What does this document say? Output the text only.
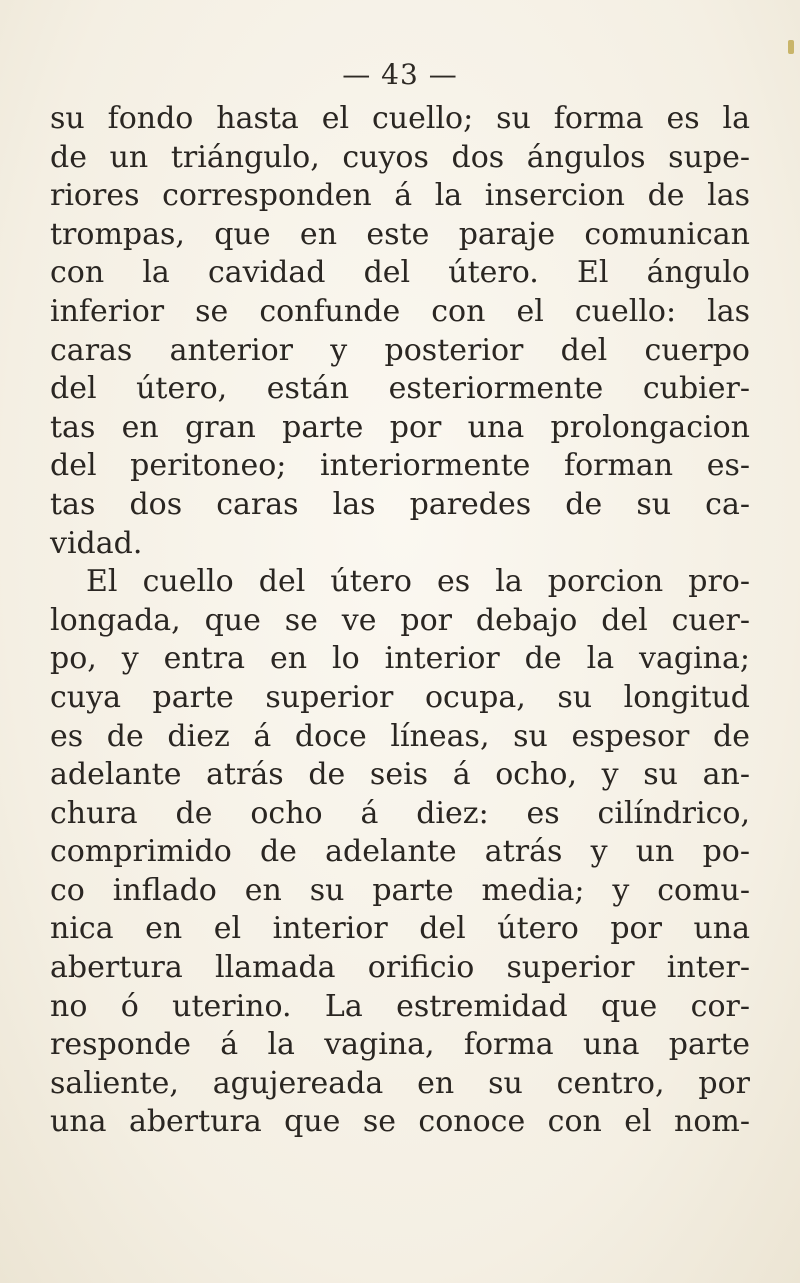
— 43 —
su fondo hasta el cuello; su forma es la
de un triángulo, cuyos dos ángulos supe-
riores corresponden á la insercion de las
trompas, que en este paraje comunican
con la cavidad del útero. El ángulo
inferior se confunde con el cuello: las
caras anterior y posterior del cuerpo
del útero, están esteriormente cubier-
tas en gran parte por una prolongacion
del peritoneo; interiormente forman es-
tas dos caras las paredes de su ca-
vidad.
El cuello del útero es la porcion pro-
longada, que se ve por debajo del cuer-
po, y entra en lo interior de la vagina;
cuya parte superior ocupa, su longitud
es de diez á doce líneas, su espesor de
adelante atrás de seis á ocho, y su an-
chura de ocho á diez: es cilíndrico,
comprimido de adelante atrás y un po-
co inflado en su parte media; y comu-
nica en el interior del útero por una
abertura llamada orificio superior inter-
no ó uterino. La estremidad que cor-
responde á la vagina, forma una parte
saliente, agujereada en su centro, por
una abertura que se conoce con el nom-
